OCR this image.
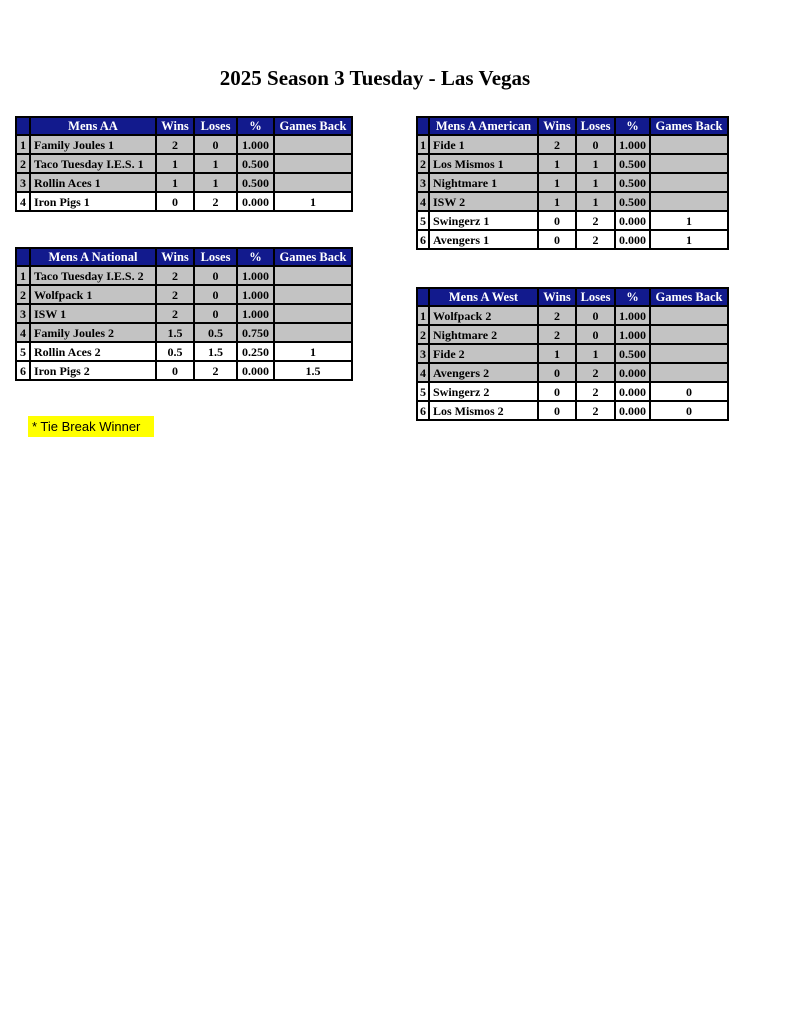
2025 Season 3 Tuesday - Las Vegas
	Mens AA	Wins	Loses	%	Games Back
1	Family Joules 1	2	0	1.000	
2	Taco Tuesday I.E.S. 1	1	1	0.500	
3	Rollin Aces 1	1	1	0.500	
4	Iron Pigs 1	0	2	0.000	1
	Mens A American	Wins	Loses	%	Games Back
1	Fide 1	2	0	1.000	
2	Los Mismos 1	1	1	0.500	
3	Nightmare 1	1	1	0.500	
4	ISW 2	1	1	0.500	
5	Swingerz 1	0	2	0.000	1
6	Avengers 1	0	2	0.000	1
	Mens A National	Wins	Loses	%	Games Back
1	Taco Tuesday I.E.S. 2	2	0	1.000	
2	Wolfpack 1	2	0	1.000	
3	ISW 1	2	0	1.000	
4	Family Joules 2	1.5	0.5	0.750	
5	Rollin Aces 2	0.5	1.5	0.250	1
6	Iron Pigs 2	0	2	0.000	1.5
	Mens A West	Wins	Loses	%	Games Back
1	Wolfpack 2	2	0	1.000	
2	Nightmare 2	2	0	1.000	
3	Fide 2	1	1	0.500	
4	Avengers 2	0	2	0.000	
5	Swingerz 2	0	2	0.000	0
6	Los Mismos 2	0	2	0.000	0
* Tie Break Winner
